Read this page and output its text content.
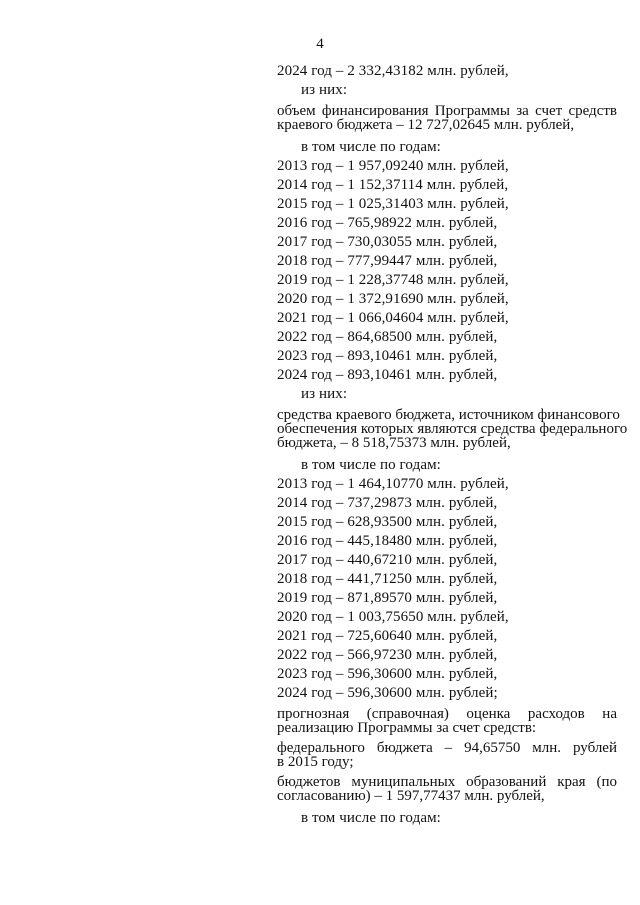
4
2024 год – 2 332,43182 млн. рублей,
из них:
объем финансирования Программы за счет средств
краевого бюджета – 12 727,02645 млн. рублей,
в том числе по годам:
2013 год – 1 957,09240 млн. рублей,
2014 год – 1 152,37114 млн. рублей,
2015 год – 1 025,31403 млн. рублей,
2016 год – 765,98922 млн. рублей,
2017 год – 730,03055 млн. рублей,
2018 год – 777,99447 млн. рублей,
2019 год – 1 228,37748 млн. рублей,
2020 год – 1 372,91690 млн. рублей,
2021 год – 1 066,04604 млн. рублей,
2022 год – 864,68500 млн. рублей,
2023 год – 893,10461 млн. рублей,
2024 год – 893,10461 млн. рублей,
из них:
средства краевого бюджета, источником финансового
обеспечения которых являются средства федерального
бюджета, – 8 518,75373 млн. рублей,
в том числе по годам:
2013 год – 1 464,10770 млн. рублей,
2014 год – 737,29873 млн. рублей,
2015 год – 628,93500 млн. рублей,
2016 год – 445,18480 млн. рублей,
2017 год – 440,67210 млн. рублей,
2018 год – 441,71250 млн. рублей,
2019 год – 871,89570 млн. рублей,
2020 год – 1 003,75650 млн. рублей,
2021 год – 725,60640 млн. рублей,
2022 год – 566,97230 млн. рублей,
2023 год – 596,30600 млн. рублей,
2024 год – 596,30600 млн. рублей;
прогнозная (справочная) оценка расходов на
реализацию Программы за счет средств:
федерального бюджета – 94,65750 млн. рублей
в 2015 году;
бюджетов муниципальных образований края (по
согласованию) – 1 597,77437 млн. рублей,
в том числе по годам:
